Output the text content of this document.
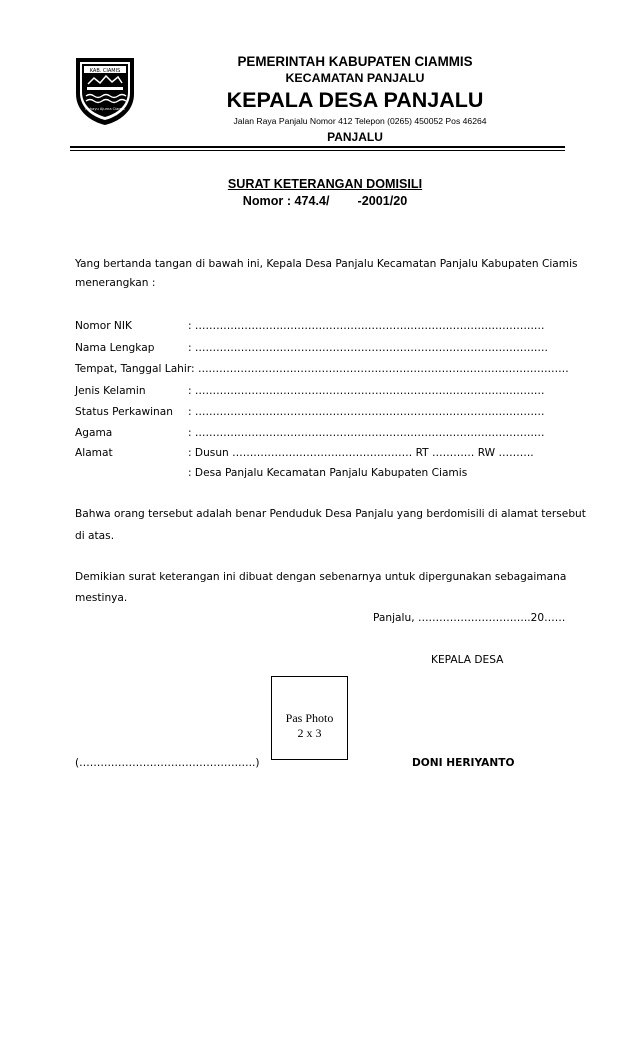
KAB. CIAMIS
Rahayu Ajurna Ciamis
PEMERINTAH KABUPATEN CIAMMIS
KECAMATAN PANJALU
KEPALA DESA PANJALU
Jalan Raya Panjalu Nomor 412 Telepon (0265) 450052 Pos 46264
PANJALU
SURAT KETERANGAN DOMISILI
Nomor : 474.4/        -2001/20
Yang bertanda tangan di bawah ini, Kepala Desa Panjalu Kecamatan Panjalu Kabupaten Ciamis
menerangkan :
Nomor NIK	: ………………………………………………………………………………………
Nama Lengkap	: ……………………………………………………………………………………….
Tempat, Tanggal Lahir: ……………………………………………………………………………………………
Jenis Kelamin	: ………………………………………………………………………………………
Status Perkawinan : ………………………………………………………………………………………
Agama	: ………………………………………………………………………………………
Alamat	: Dusun …………………………………………… RT ………… RW ……….
: Desa Panjalu Kecamatan Panjalu Kabupaten Ciamis
Bahwa orang tersebut adalah benar Penduduk Desa Panjalu yang berdomisili di alamat tersebut
di atas.
Demikian surat keterangan ini dibuat dengan sebenarnya untuk dipergunakan sebagaimana
mestinya.
Panjalu, …………………………..20……
KEPALA DESA
Pas Photo
2 x 3
(…………………………………………..)	DONI HERIYANTO
